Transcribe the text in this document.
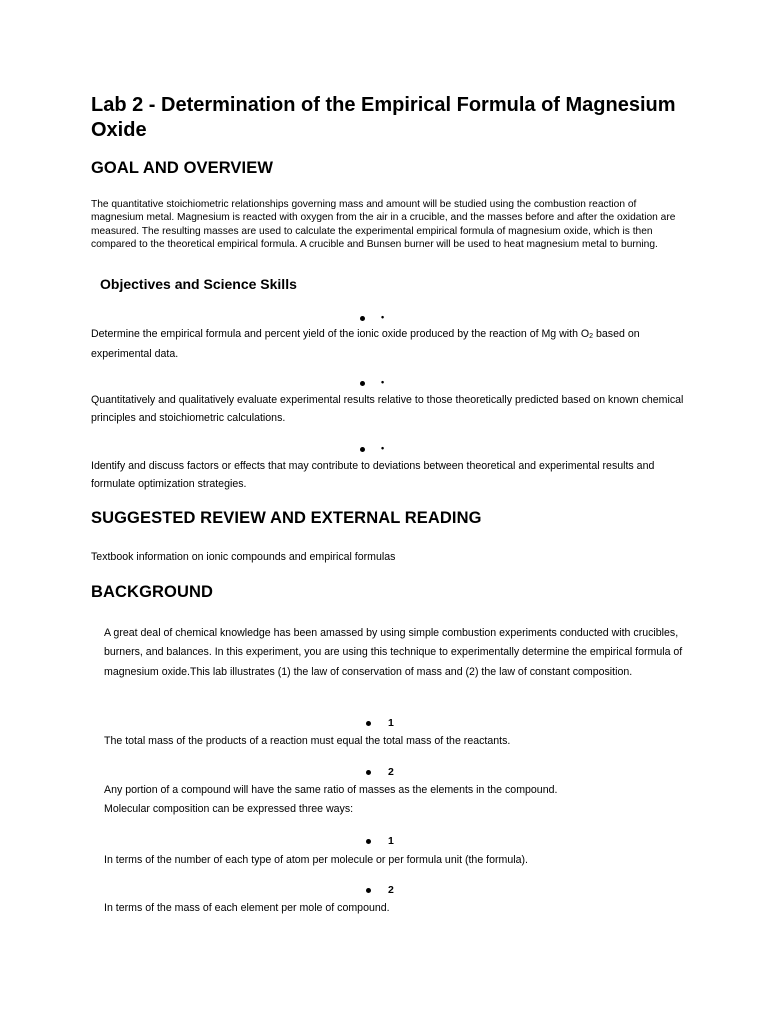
Lab 2 - Determination of the Empirical Formula of Magnesium Oxide
GOAL AND OVERVIEW

The quantitative stoichiometric relationships governing mass and amount will be studied using the combustion reaction of magnesium metal. Magnesium is reacted with oxygen from the air in a crucible, and the masses before and after the oxidation are measured. The resulting masses are used to calculate the experimental empirical formula of magnesium oxide, which is then compared to the theoretical empirical formula. A crucible and Bunsen burner will be used to heat magnesium metal to burning.

Objectives and Science Skills
•

Determine the empirical formula and percent yield of the ionic oxide produced by the reaction of Mg with $O_2$ based on experimental data.

•

Quantitatively and qualitatively evaluate experimental results relative to those theoretically predicted based on known chemical principles and stoichiometric calculations.

•

Identify and discuss factors or effects that may contribute to deviations between theoretical and experimental results and formulate optimization strategies.

SUGGESTED REVIEW AND EXTERNAL READING

Textbook information on ionic compounds and empirical formulas

BACKGROUND

A great deal of chemical knowledge has been amassed by using simple combustion experiments conducted with crucibles, burners, and balances. In this experiment, you are using this technique to experimentally determine the empirical formula of magnesium oxide.This lab illustrates (1) the law of conservation of mass and (2) the law of constant composition.

1

The total mass of the products of a reaction must equal the total mass of the reactants.

2

Any portion of a compound will have the same ratio of masses as the elements in the compound.

Molecular composition can be expressed three ways:

1

In terms of the number of each type of atom per molecule or per formula unit (the formula).

2

In terms of the mass of each element per mole of compound.
